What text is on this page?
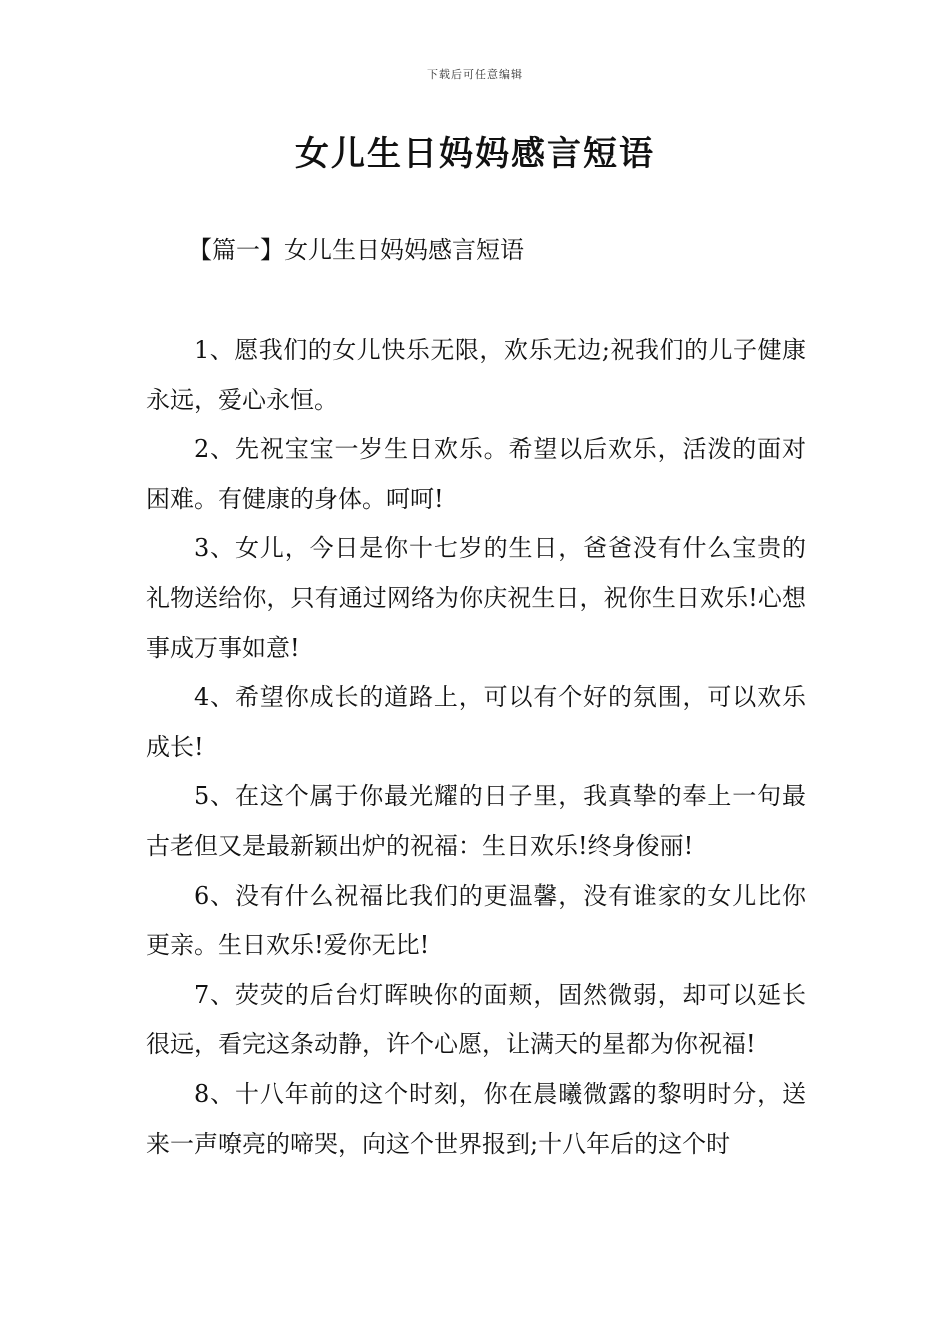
下载后可任意编辑
女儿生日妈妈感言短语
【篇一】女儿生日妈妈感言短语

1、愿我们的女儿快乐无限，欢乐无边;祝我们的儿子健康永远，爱心永恒。

2、先祝宝宝一岁生日欢乐。希望以后欢乐，活泼的面对困难。有健康的身体。呵呵!

3、女儿，今日是你十七岁的生日，爸爸没有什么宝贵的礼物送给你，只有通过网络为你庆祝生日，祝你生日欢乐!心想事成万事如意!

4、希望你成长的道路上，可以有个好的氛围，可以欢乐成长!

5、在这个属于你最光耀的日子里，我真挚的奉上一句最古老但又是最新颖出炉的祝福：生日欢乐!终身俊丽!

6、没有什么祝福比我们的更温馨，没有谁家的女儿比你更亲。生日欢乐!爱你无比!

7、荧荧的后台灯晖映你的面颊，固然微弱，却可以延长很远，看完这条动静，许个心愿，让满天的星都为你祝福!

8、十八年前的这个时刻，你在晨曦微露的黎明时分，送来一声嘹亮的啼哭，向这个世界报到;十八年后的这个时
